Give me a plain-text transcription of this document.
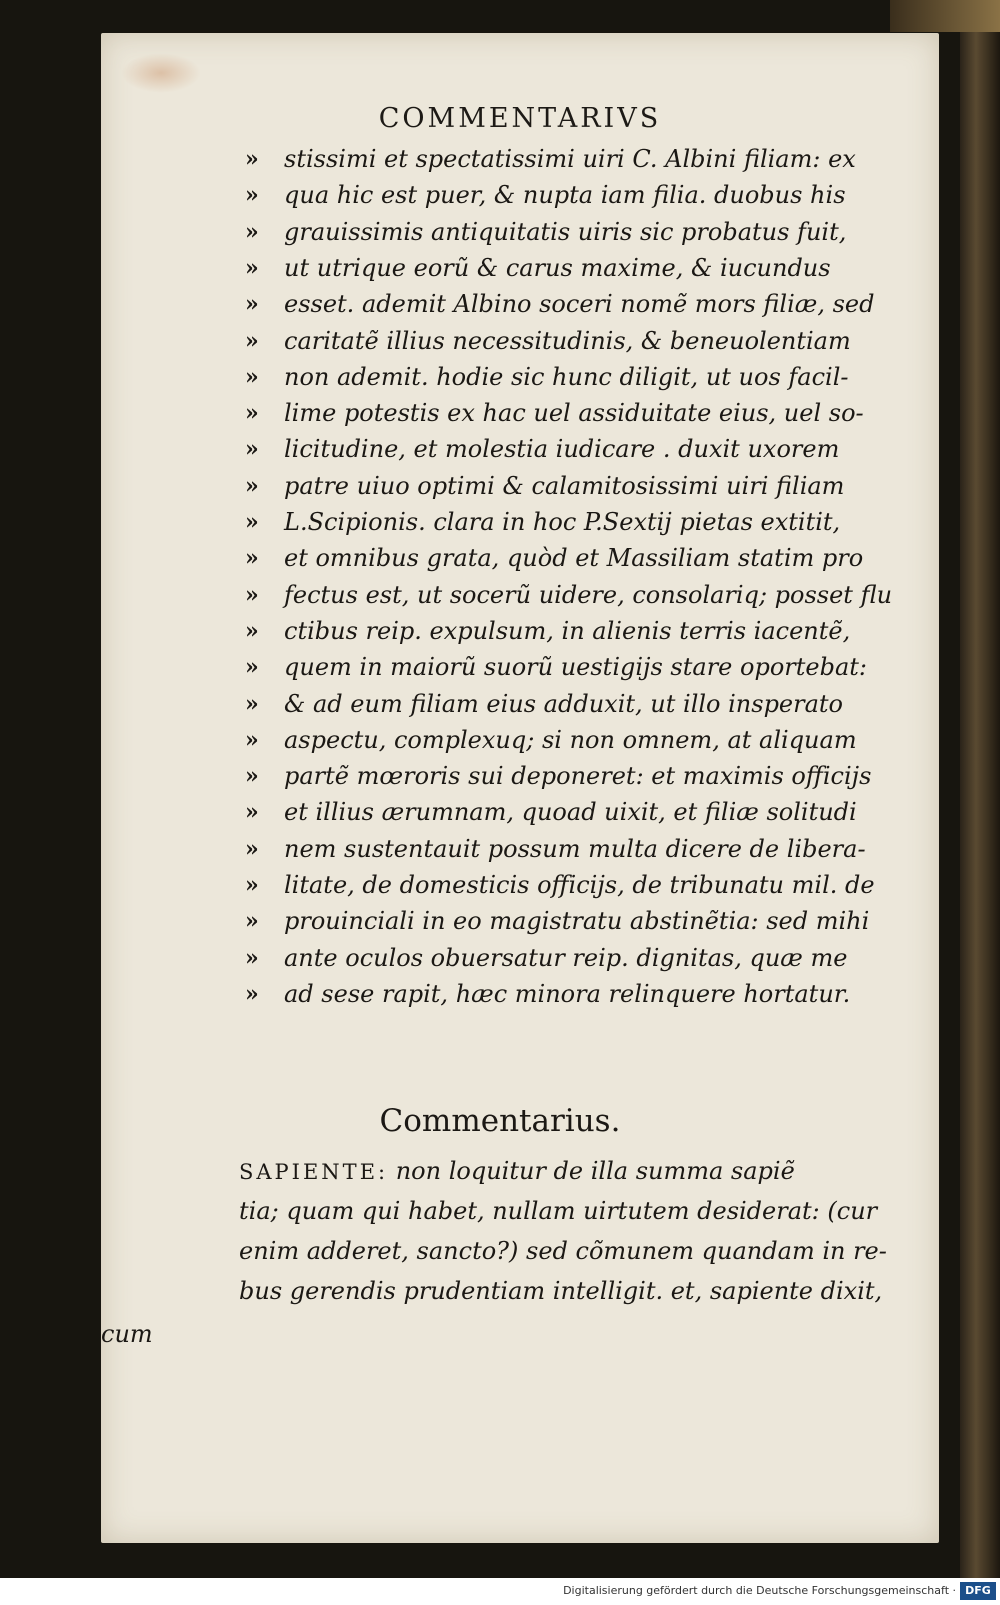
COMMENTARIVS
»	stissimi et spectatissimi uiri C. Albini filiam: ex
»	qua hic est puer, & nupta iam filia. duobus his
»	grauissimis antiquitatis uiris sic probatus fuit,
»	ut utrique eorũ & carus maxime, & iucundus
»	esset. ademit Albino soceri nomẽ mors filiæ, sed
»	caritatẽ illius necessitudinis, & beneuolentiam
»	non ademit. hodie sic hunc diligit, ut uos facil-
»	lime potestis ex hac uel assiduitate eius, uel so-
»	licitudine, et molestia iudicare . duxit uxorem
»	patre uiuo optimi & calamitosissimi uiri filiam
»	L.Scipionis. clara in hoc P.Sextij pietas extitit,
»	et omnibus grata, quòd et Massiliam statim pro
»	fectus est, ut socerũ uidere, consolariq; posset flu
»	ctibus reip. expulsum, in alienis terris iacentẽ,
»	quem in maiorũ suorũ uestigijs stare oportebat:
»	& ad eum filiam eius adduxit, ut illo insperato
»	aspectu, complexuq; si non omnem, at aliquam
»	partẽ mœroris sui deponeret: et maximis officijs
»	et illius ærumnam, quoad uixit, et filiæ solitudi
»	nem sustentauit possum multa dicere de libera-
»	litate, de domesticis officijs, de tribunatu mil. de
»	prouinciali in eo magistratu abstinẽtia: sed mihi
»	ante oculos obuersatur reip. dignitas, quæ me
»	ad sese rapit, hæc minora relinquere hortatur.
Commentarius.
SAPIENTE: non loquitur de illa summa sapiẽ
tia; quam qui habet, nullam uirtutem desiderat: (cur
enim adderet, sancto?) sed cõmunem quandam in re-
bus gerendis prudentiam intelligit. et, sapiente dixit,
cum
Digitalisierung gefördert durch die Deutsche Forschungsgemeinschaft · DFG
